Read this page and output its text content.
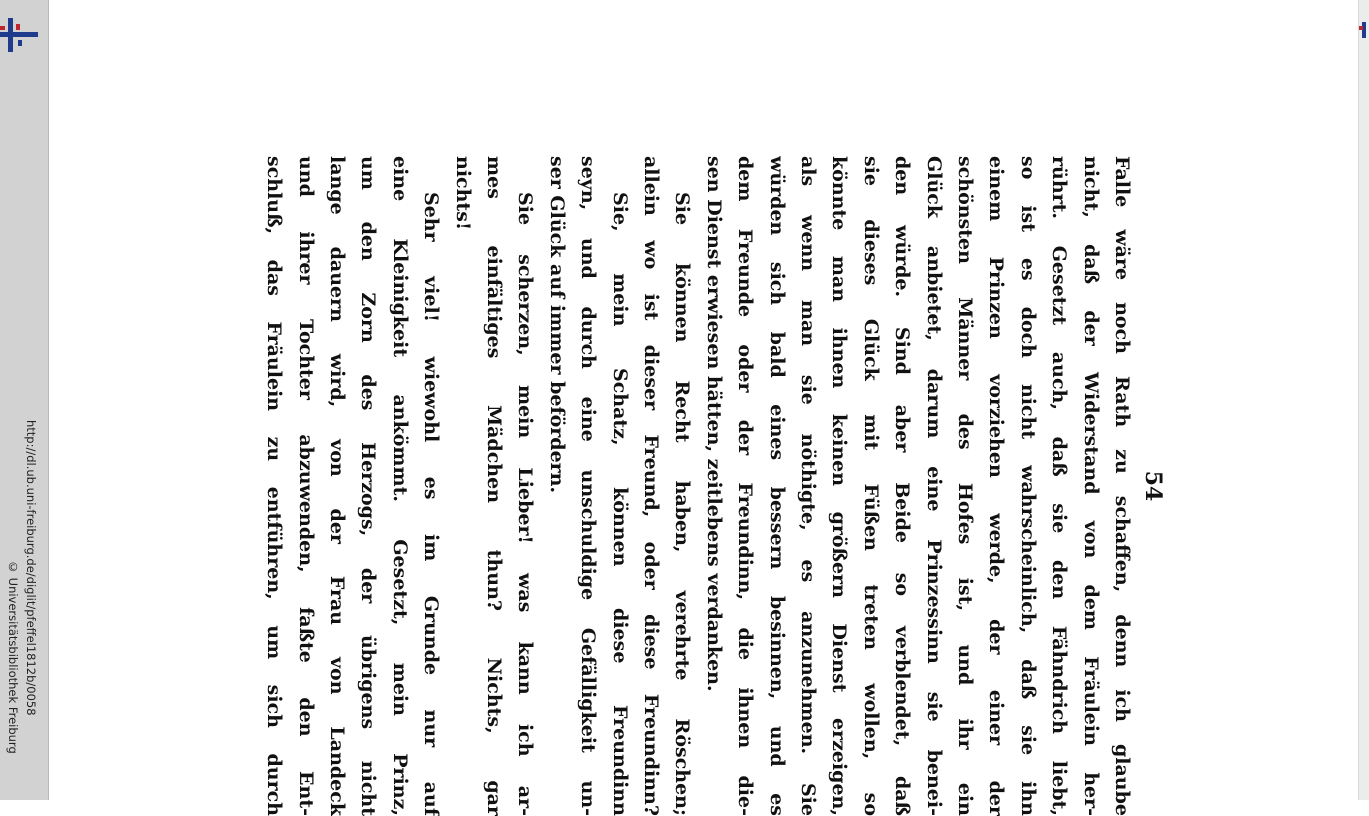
http://dl.ub.uni-freiburg.de/diglit/pfeffel1812b/0058
© Universitätsbibliothek Freiburg
54
Falle wäre noch Rath zu schaffen, denn ich glaube
nicht, daß der Widerstand von dem Fräulein her-
rührt. Gesetzt auch, daß sie den Fähndrich liebt,
so ist es doch nicht wahrscheinlich, daß sie ihn
einem Prinzen vorziehen werde, der einer der
schönsten Männer des Hofes ist, und ihr ein
Glück anbietet, darum eine Prinzessinn sie benei-
den würde. Sind aber Beide so verblendet, daß
sie dieses Glück mit Füßen treten wollen, so
könnte man ihnen keinen größern Dienst erzeigen,
als wenn man sie nöthigte, es anzunehmen. Sie
würden sich bald eines bessern besinnen, und es
dem Freunde oder der Freundinn, die ihnen die-
sen Dienst erwiesen hätten, zeitlebens verdanken.
Sie können Recht haben, verehrte Röschen;
allein wo ist dieser Freund, oder diese Freundinn?
Sie, mein Schatz, können diese Freundinn
seyn, und durch eine unschuldige Gefälligkeit un-
ser Glück auf immer befördern.
Sie scherzen, mein Lieber! was kann ich ar-
mes einfältiges Mädchen thun? Nichts, gar
nichts!
Sehr viel! wiewohl es im Grunde nur auf
eine Kleinigkeit ankömmt. Gesetzt, mein Prinz,
um den Zorn des Herzogs, der übrigens nicht
lange dauern wird, von der Frau von Landeck
und ihrer Tochter abzuwenden, faßte den Ent-
schluß, das Fräulein zu entführen, um sich durch
